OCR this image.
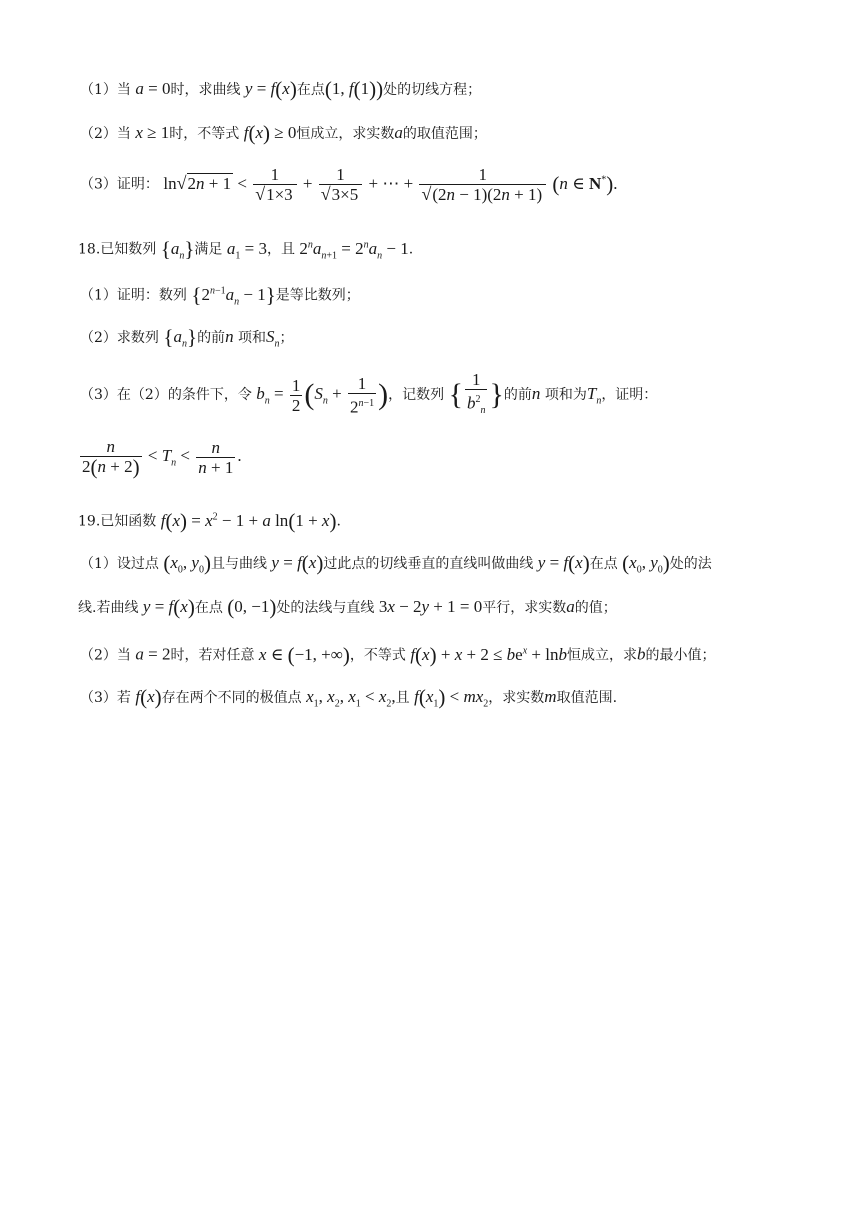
（1）当 a = 0时，求曲线 y = f(x)在点(1, f(1))处的切线方程；
（2）当 x ≥ 1时，不等式 f(x) ≥ 0恒成立，求实数a的取值范围；
（3）证明： $\ln√2n + 1 < \frac{1}{√1\times 3} + \frac{1}{√3\times 5}$ + ⋯ + $\frac{1}{√(2n - 1)(2n + 1)} (n$ ∈ N*).
18.已知数列 $\{a_n\}$满足 $a_1 = 3$，且 $2^na_{n+1} = 2^na_n - 1$.
（1）证明：数列 $\{2^{n-1}a_n - 1\}$是等比数列；
（2）求数列 $\{a_n\}$的前n 项和$S_n$；
（3）在（2）的条件下，令 $b_n = \frac{1}{2} (S_n + \frac{1}{2^{n-1}}$ )，记数列 { $\frac{1}{b^2_n}$ }的前n 项和为$T_n$，证明：
$\frac{n}{2(n + 2)} < T_n < \frac{n}{n + 1}$ .
19.已知函数 $f(x) = x^2 - 1 + a$ ln(1 + x).
（1）设过点 ($x_0$, $y_0$)且与曲线 y = f(x)过此点的切线垂直的直线叫做曲线 y = f(x)在点 ($x_0$, $y_0$)处的法
线.若曲线 y = f(x)在点 (0, −1)处的法线与直线 3x − 2y + 1 = 0平行，求实数a的值；
（2）当 a = 2时，若对任意 x ∈ (−1, +∞)，不等式 $f(x) + x + 2 \le be^x + \ln b$恒成立，求b的最小值；
（3）若 f(x)存在两个不同的极值点 $x_1$, $x_2$, $x_1 < x_2$,且 $f(x_1) < mx_2$，求实数m取值范围.
